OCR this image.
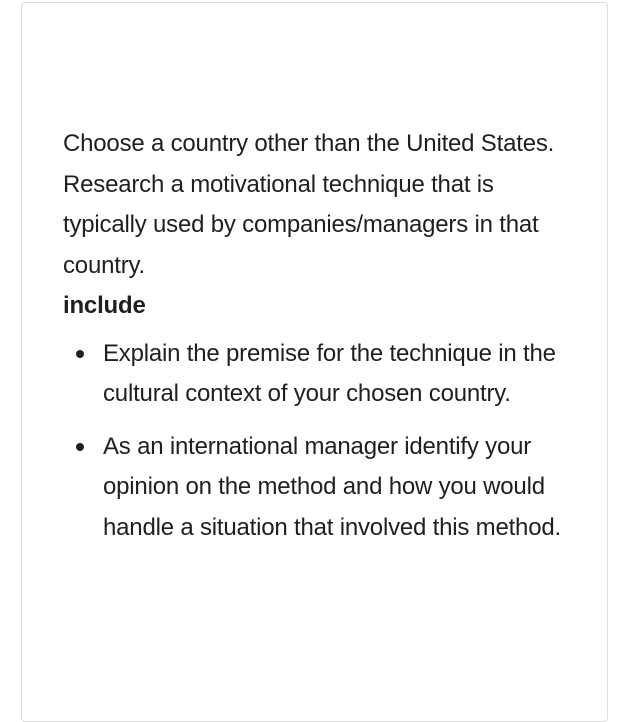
Choose a country other than the United States. Research a motivational technique that is typically used by companies/managers in that country.

include

Explain the premise for the technique in the cultural context of your chosen country.
As an international manager identify your opinion on the method and how you would handle a situation that involved this method.
